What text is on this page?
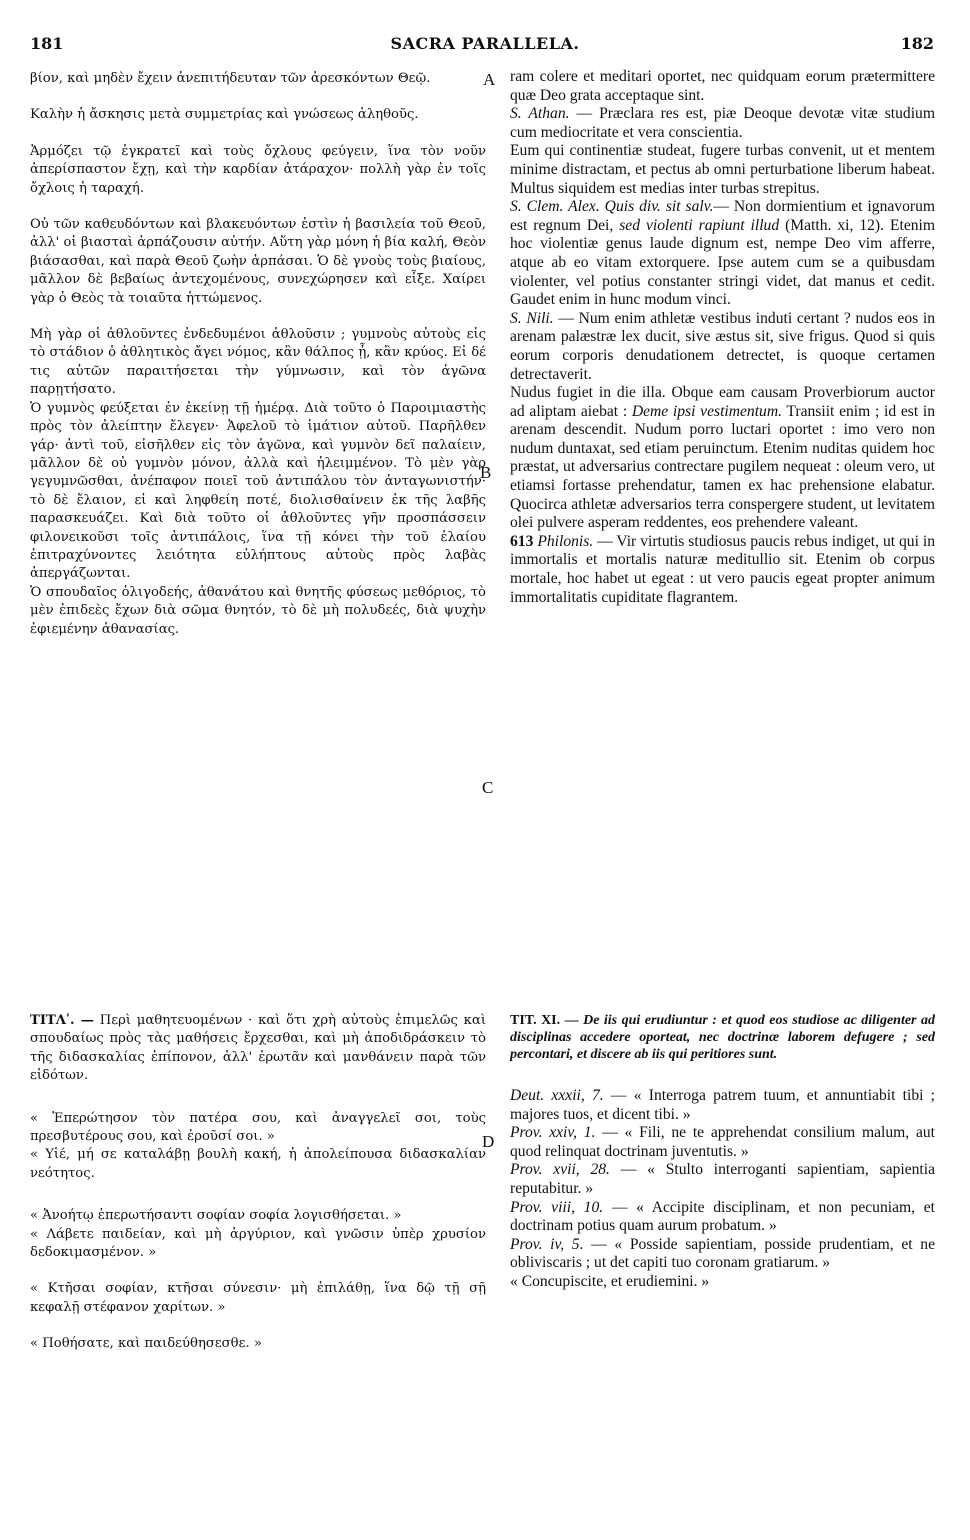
181	SACRA PARALLELA.	182
A
B
C
D

βίον, καὶ μηδὲν ἔχειν ἀνεπιτήδευταν τῶν ἀρεσκόντων Θεῷ.

Καλὴν ἡ ἄσκησις μετὰ συμμετρίας καὶ γνώσεως ἀληθοῦς.

Ἁρμόζει τῷ ἐγκρατεῖ καὶ τοὺς ὄχλους φεύγειν, ἵνα τὸν νοῦν ἀπερίσπαστον ἔχῃ, καὶ τὴν καρδίαν ἀτάραχον· πολλὴ γὰρ ἐν τοῖς ὄχλοις ἡ ταραχή.

Οὐ τῶν καθευδόντων καὶ βλακευόντων ἐστὶν ἡ βασιλεία τοῦ Θεοῦ, ἀλλ' οἱ βιασταὶ ἁρπάζουσιν αὐτήν. Αὕτη γὰρ μόνη ἡ βία καλή, Θεὸν βιάσασθαι, καὶ παρὰ Θεοῦ ζωὴν ἁρπάσαι. Ὁ δὲ γνοὺς τοὺς βιαίους, μᾶλλον δὲ βεβαίως ἀντεχομένους, συνεχώρησεν καὶ εἶξε. Χαίρει γὰρ ὁ Θεὸς τὰ τοιαῦτα ἡττώμενος.

Μὴ γὰρ οἱ ἀθλοῦντες ἐνδεδυμένοι ἀθλοῦσιν ; γυμνοὺς αὐτοὺς εἰς τὸ στάδιον ὁ ἀθλητικὸς ἄγει νόμος, κἂν θάλπος ᾖ, κἂν κρύος. Εἰ δέ τις αὐτῶν παραιτήσεται τὴν γύμνωσιν, καὶ τὸν ἀγῶνα παρῃτήσατο.

Ὁ γυμνὸς φεύξεται ἐν ἐκείνῃ τῇ ἡμέρᾳ. Διὰ τοῦτο ὁ Παροιμιαστὴς πρὸς τὸν ἀλείπτην ἔλεγεν· Ἀφελοῦ τὸ ἱμάτιον αὐτοῦ. Παρῆλθεν γάρ· ἀντὶ τοῦ, εἰσῆλθεν εἰς τὸν ἀγῶνα, καὶ γυμνὸν δεῖ παλαίειν, μᾶλλον δὲ οὐ γυμνὸν μόνον, ἀλλὰ καὶ ἠλειμμένον. Τὸ μὲν γὰρ γεγυμνῶσθαι, ἀνέπαφον ποιεῖ τοῦ ἀντιπάλου τὸν ἀνταγωνιστήν· τὸ δὲ ἔλαιον, εἰ καὶ ληφθείη ποτέ, διολισθαίνειν ἐκ τῆς λαβῆς παρασκευάζει. Καὶ διὰ τοῦτο οἱ ἀθλοῦντες γῆν προσπάσσειν φιλονεικοῦσι τοῖς ἀντιπάλοις, ἵνα τῇ κόνει τὴν τοῦ ἐλαίου ἐπιτραχύνοντες λειότητα εὐλήπτους αὐτοὺς πρὸς λαβὰς ἀπεργάζωνται.

Ὁ σπουδαῖος ὀλιγοδεής, ἀθανάτου καὶ θνητῆς φύσεως μεθόριος, τὸ μὲν ἐπιδεὲς ἔχων διὰ σῶμα θνητόν, τὸ δὲ μὴ πολυδεές, διὰ ψυχὴν ἐφιεμένην ἀθανασίας.

ram colere et meditari oportet, nec quidquam eorum prætermittere quæ Deo grata acceptaque sint.

S. Athan. — Præclara res est, piæ Deoque devotæ vitæ studium cum mediocritate et vera conscientia.

Eum qui continentiæ studeat, fugere turbas convenit, ut et mentem minime distractam, et pectus ab omni perturbatione liberum habeat. Multus siquidem est medias inter turbas strepitus.

S. Clem. Alex. Quis div. sit salv.— Non dormientium et ignavorum est regnum Dei, sed violenti rapiunt illud (Matth. xi, 12). Etenim hoc violentiæ genus laude dignum est, nempe Deo vim afferre, atque ab eo vitam extorquere. Ipse autem cum se a quibusdam violenter, vel potius constanter stringi videt, dat manus et cedit. Gaudet enim in hunc modum vinci.

S. Nili. — Num enim athletæ vestibus induti certant ? nudos eos in arenam palæstræ lex ducit, sive æstus sit, sive frigus. Quod si quis eorum corporis denudationem detrectet, is quoque certamen detrectaverit.

Nudus fugiet in die illa. Obque eam causam Proverbiorum auctor ad aliptam aiebat : Deme ipsi vestimentum. Transiit enim ; id est in arenam descendit. Nudum porro luctari oportet : imo vero non nudum duntaxat, sed etiam peruinctum. Etenim nuditas quidem hoc præstat, ut adversarius contrectare pugilem nequeat : oleum vero, ut etiamsi fortasse prehendatur, tamen ex hac prehensione elabatur. Quocirca athletæ adversarios terra conspergere student, ut levitatem olei pulvere asperam reddentes, eos prehendere valeant.

613 Philonis. — Vir virtutis studiosus paucis rebus indiget, ut qui in immortalis et mortalis naturæ meditullio sit. Etenim ob corpus mortale, hoc habet ut egeat : ut vero paucis egeat propter animum immortalitatis cupiditate flagrantem.

ΤΙΤΛʹ. — Περὶ μαθητευομένων · καὶ ὅτι χρὴ αὐτοὺς ἐπιμελῶς καὶ σπουδαίως πρὸς τὰς μαθήσεις ἔρχεσθαι, καὶ μὴ ἀποδιδράσκειν τὸ τῆς διδασκαλίας ἐπίπονον, ἀλλ' ἐρωτᾶν καὶ μανθάνειν παρὰ τῶν εἰδότων.

« Ἐπερώτησον τὸν πατέρα σου, καὶ ἀναγγελεῖ σοι, τοὺς πρεσβυτέρους σου, καὶ ἐροῦσί σοι. »

« Υἱέ, μή σε καταλάβῃ βουλὴ κακή, ἡ ἀπολείπουσα διδασκαλίαν νεότητος.

« Ἀνοήτῳ ἐπερωτήσαντι σοφίαν σοφία λογισθήσεται. »

« Λάβετε παιδείαν, καὶ μὴ ἀργύριον, καὶ γνῶσιν ὑπὲρ χρυσίον δεδοκιμασμένον. »

« Κτῆσαι σοφίαν, κτῆσαι σύνεσιν· μὴ ἐπιλάθῃ, ἵνα δῷ τῇ σῇ κεφαλῇ στέφανον χαρίτων. »

« Ποθήσατε, καὶ παιδεύθησεσθε. »

TIT. XI. — De iis qui erudiuntur : et quod eos studiose ac diligenter ad disciplinas accedere oporteat, nec doctrinæ laborem defugere ; sed percontari, et discere ab iis qui peritiores sunt.

Deut. xxxii, 7. — « Interroga patrem tuum, et annuntiabit tibi ; majores tuos, et dicent tibi. »

Prov. xxiv, 1. — « Fili, ne te apprehendat consilium malum, aut quod relinquat doctrinam juventutis. »

Prov. xvii, 28. — « Stulto interroganti sapientiam, sapientia reputabitur. »

Prov. viii, 10. — « Accipite disciplinam, et non pecuniam, et doctrinam potius quam aurum probatum. »

Prov. iv, 5. — « Posside sapientiam, posside prudentiam, et ne obliviscaris ; ut det capiti tuo coronam gratiarum. »

« Concupiscite, et erudiemini. »
